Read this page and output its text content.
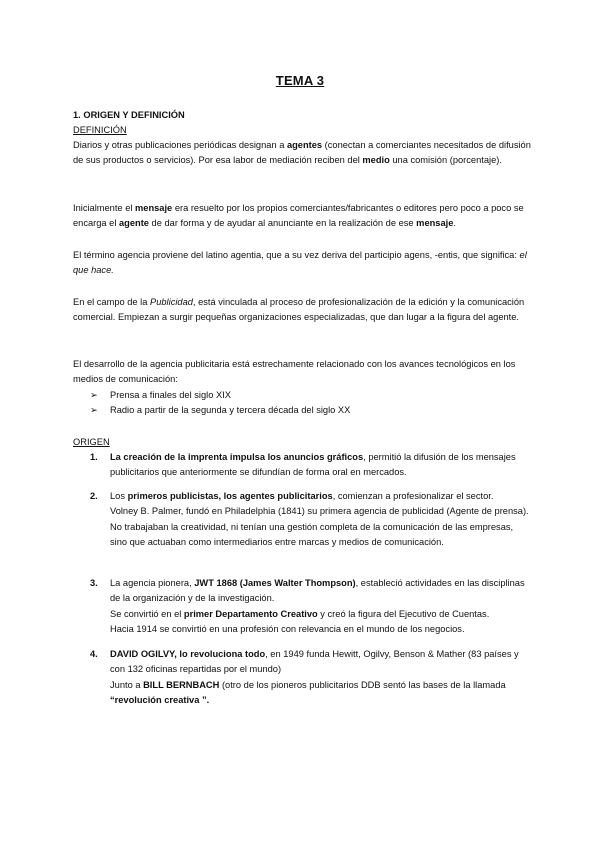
TEMA 3
1. ORIGEN Y DEFINICIÓN
DEFINICIÓN

Diarios y otras publicaciones periódicas designan a agentes (conectan a comerciantes necesitados de difusión de sus productos o servicios). Por esa labor de mediación reciben del medio una comisión (porcentaje).

Inicialmente el mensaje era resuelto por los propios comerciantes/fabricantes o editores pero poco a poco se encarga el agente de dar forma y de ayudar al anunciante en la realización de ese mensaje.

El término agencia proviene del latino agentia, que a su vez deriva del participio agens, -entis, que significa: el que hace.

En el campo de la Publicidad, está vinculada al proceso de profesionalización de la edición y la comunicación comercial. Empiezan a surgir pequeñas organizaciones especializadas, que dan lugar a la figura del agente.

El desarrollo de la agencia publicitaria está estrechamente relacionado con los avances tecnológicos en los medios de comunicación:

➢ Prensa a finales del siglo XIX
➢ Radio a partir de la segunda y tercera década del siglo XX
ORIGEN
1. La creación de la imprenta impulsa los anuncios gráficos, permitió la difusión de los mensajes publicitarios que anteriormente se difundían de forma oral en mercados.

2. Los primeros publicistas, los agentes publicitarios, comienzan a profesionalizar el sector.

Volney B. Palmer, fundó en Philadelphia (1841) su primera agencia de publicidad (Agente de prensa).

No trabajaban la creatividad, ni tenían una gestión completa de la comunicación de las empresas, sino que actuaban como intermediarios entre marcas y medios de comunicación.

3. La agencia pionera, JWT 1868 (James Walter Thompson), estableció actividades en las disciplinas de la organización y de la investigación.

Se convirtió en el primer Departamento Creativo y creó la figura del Ejecutivo de Cuentas.

Hacia 1914 se convirtió en una profesión con relevancia en el mundo de los negocios.

4. DAVID OGILVY, lo revoluciona todo, en 1949 funda Hewitt, Ogilvy, Benson & Mather (83 países y con 132 oficinas repartidas por el mundo)

Junto a BILL BERNBACH (otro de los pioneros publicitarios DDB sentó las bases de la llamada “revolución creativa ”.
